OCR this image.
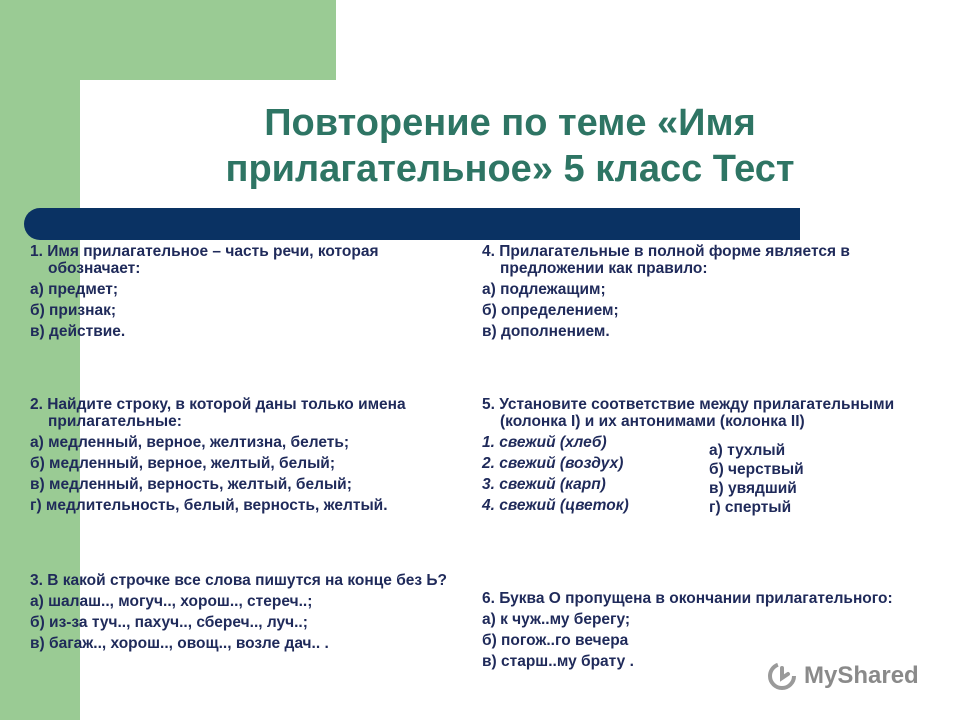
Повторение по теме «Имя прилагательное» 5 класс Тест
1. Имя прилагательное – часть речи, которая обозначает:
а) предмет;
б) признак;
в) действие.
2. Найдите строку, в которой даны только имена прилагательные:
а) медленный, верное, желтизна, белеть;
б) медленный, верное, желтый, белый;
в) медленный, верность, желтый, белый;
г) медлительность, белый, верность, желтый.
3. В какой строчке все слова пишутся на конце без Ь?
а) шалаш.., могуч.., хорош.., стереч..;
б) из-за туч.., пахуч.., сбереч.., луч..;
в) багаж.., хорош.., овощ.., возле дач.. .
4. Прилагательные в полной форме является в предложении как правило:
а) подлежащим;
б) определением;
в) дополнением.
5. Установите соответствие между прилагательными (колонка I) и их антонимами (колонка II)
1. свежий (хлеб)
2. свежий (воздух)
3. свежий (карп)
4. свежий (цветок)
а) тухлый
б) черствый
в) увядший
г) спертый
6. Буква О пропущена в окончании прилагательного:
а) к чуж..му берегу;
б) погож..го вечера
в) старш..му брату .
MyShared
